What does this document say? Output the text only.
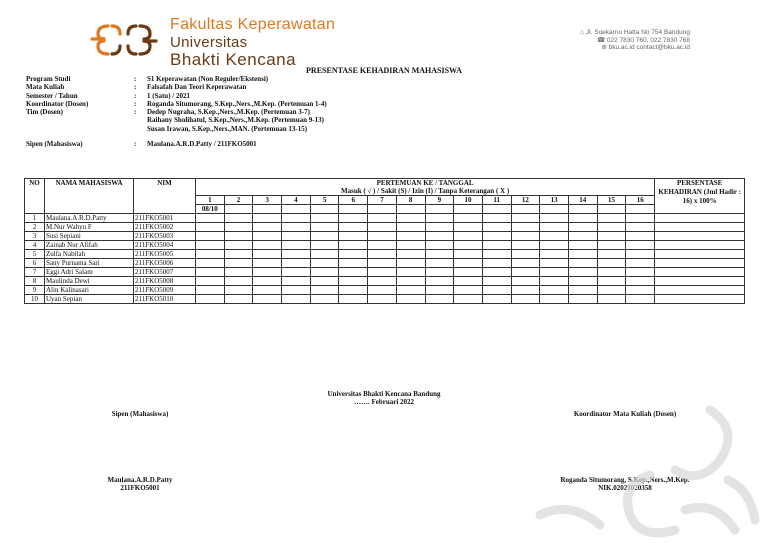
Fakultas Keperawatan
Universitas
Bhakti Kencana
⌂ Jl. Soekarno Hatta No 754 Bandung
☎ 022 7830 760, 022 7830 768
⊕ bku.ac.id contact@bku.ac.id
PRESENTASE KEHADIRAN MAHASISWA
Program Studi	:	S1 Keperawatan (Non Reguler/Ekstensi)
Mata Kuliah	:	Falsafah Dan Teori Keperawatan
Semester / Tahun	:	1 (Satu) / 2021
Koordinator (Dosen)	:	Roganda Situmorang, S.Kep.,Ners.,M.Kep. (Pertemuan 1-4)
Tim (Dosen)	:	Dedep Nugraha, S.Kep.,Ners.,M.Kep. (Pertemuan 3-7)
Raihany Sholihatul, S.Kep.,Ners.,M.Kep. (Pertemuan 9-13)
Susan Irawan, S.Kep.,Ners.,MAN. (Pertemuan 13-15)
Sipen (Mahasiswa)	:	Maulana.A.R.D.Patty / 211FKO5001
NO	NAMA MAHASISWA	NIM	PERTEMUAN KE / TANGGAL
Masuk ( √ ) / Sakit (S) / Izin (I) / Tanpa Keterangan ( X )																PERSENTASE KEHADIRAN (Jml Hadir : 16) x 100%
			1	2	3	4	5	6	7	8	9	10	11	12	13	14	15	16	
			08/10																
1	Maulana.A.R.D.Patty	211FKO5001																	
2	M.Nur Wahyu F	211FKO5002																	
3	Susi Sepiani	211FKO5003																	
4	Zainab Nur Afifah	211FKO5004																	
5	Zulfa Nabilah	211FKO5005																	
6	Sany Purnama Sari	211FKO5006																	
7	Eggi Adri Salam	211FKO5007																	
8	Maulinda Dewi	211FKO5008																	
9	Alin Kalinasari	211FKO5009																	
10	Uyan Sepian	211FKO5010																	
Universitas Bhakti Kencana Bandung
……. Februari 2022
Sipen (Mahasiswa)	Koordinator Mata Kuliah (Dosen)
Maulana.A.R.D.Patty
211FKO5001
Roganda Situmorang, S.Kep.,Ners.,M.Kep.
NIK.02021020358
